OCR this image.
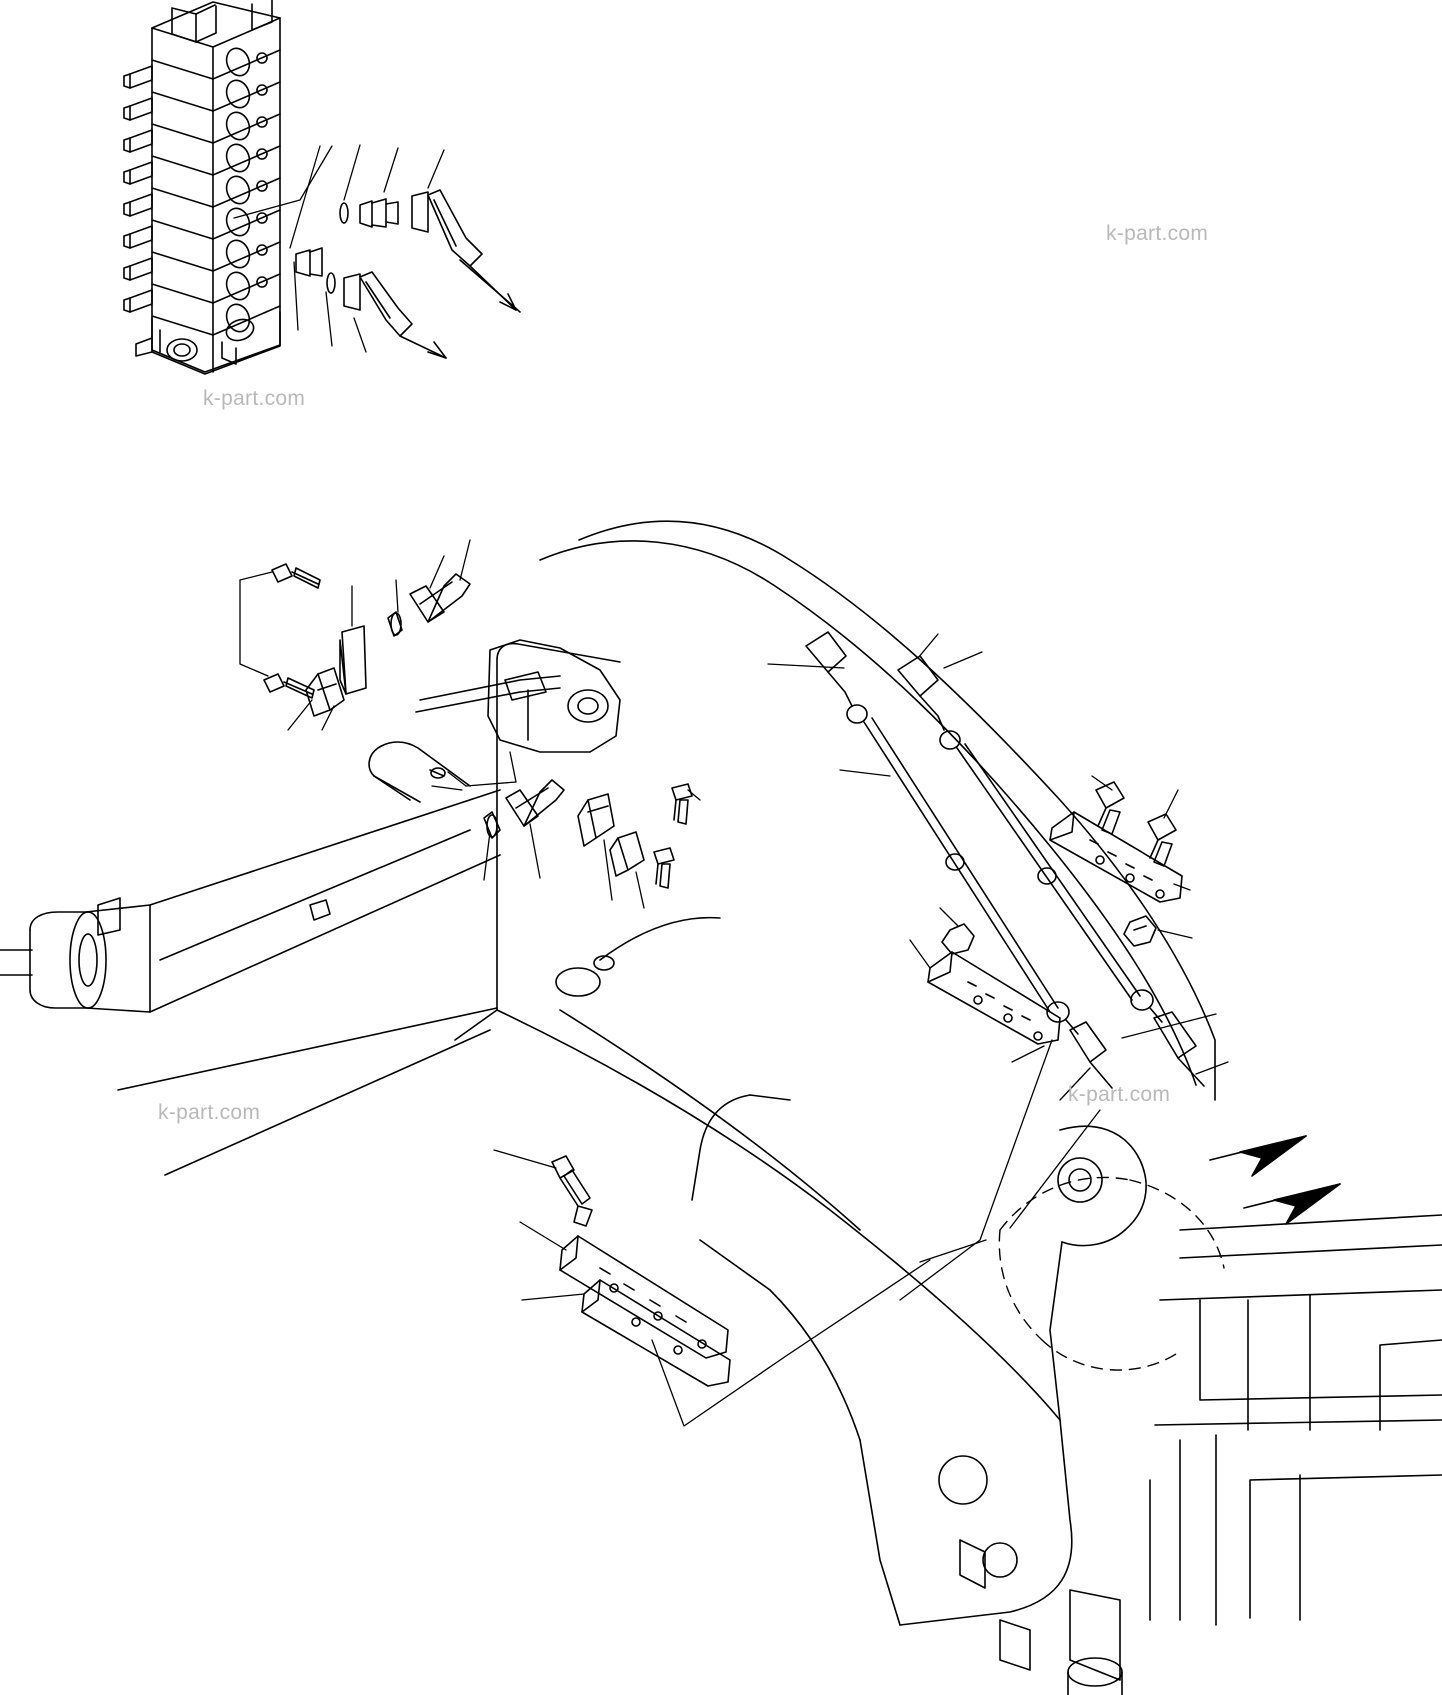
k-part.com
k-part.com
k-part.com
k-part.com
